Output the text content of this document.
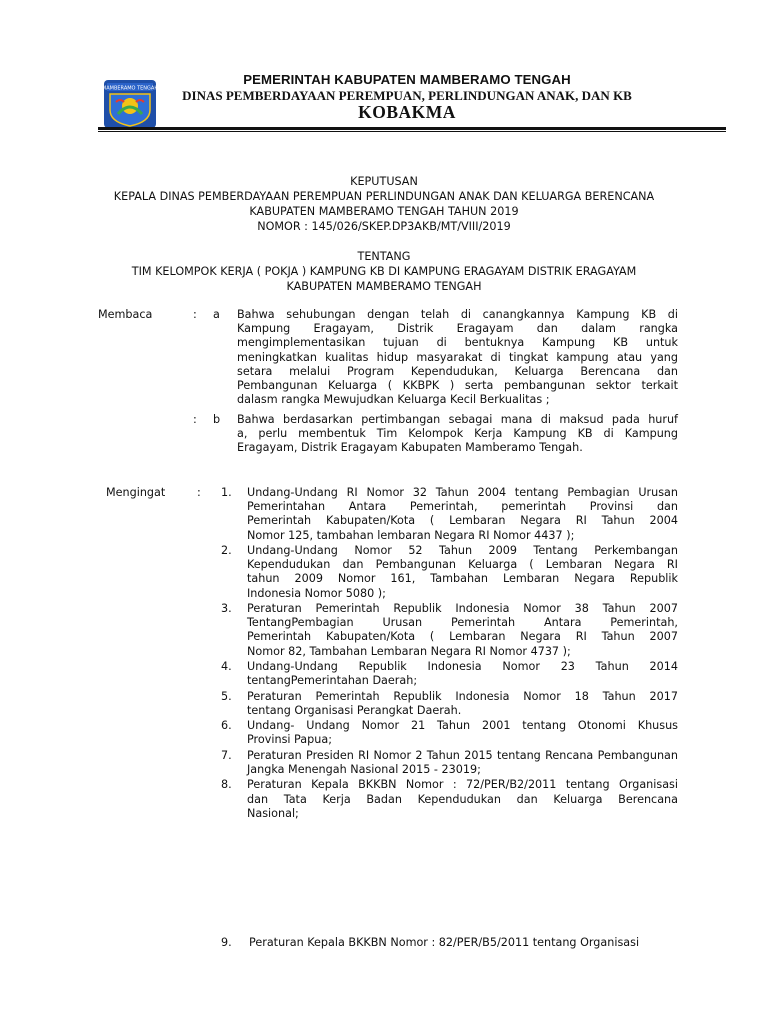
MAMBERAMO TENGAH
PEMERINTAH KABUPATEN MAMBERAMO TENGAH
DINAS PEMBERDAYAAN PEREMPUAN, PERLINDUNGAN ANAK, DAN KB
KOBAKMA
KEPUTUSAN
KEPALA DINAS PEMBERDAYAAN PEREMPUAN PERLINDUNGAN ANAK DAN KELUARGA BERENCANA
KABUPATEN MAMBERAMO TENGAH TAHUN 2019
NOMOR : 145/026/SKEP.DP3AKB/MT/VIII/2019
TENTANG
TIM KELOMPOK KERJA ( POKJA ) KAMPUNG KB DI KAMPUNG ERAGAYAM DISTRIK ERAGAYAM
KABUPATEN MAMBERAMO TENGAH
Membaca	: a Bahwa sehubungan dengan telah di canangkannya Kampung KB di
Kampung Eragayam, Distrik Eragayam dan dalam rangka
mengimplementasikan tujuan di bentuknya Kampung KB untuk
meningkatkan kualitas hidup masyarakat di tingkat kampung atau yang
setara melalui Program Kependudukan, Keluarga Berencana dan
Pembangunan Keluarga ( KKBPK ) serta pembangunan sektor terkait
dalasm rangka Mewujudkan Keluarga Kecil Berkualitas ;
: b Bahwa berdasarkan pertimbangan sebagai mana di maksud pada huruf
a, perlu membentuk Tim Kelompok Kerja Kampung KB di Kampung
Eragayam, Distrik Eragayam Kabupaten Mamberamo Tengah.
Mengingat	: 1. Undang-Undang RI Nomor 32 Tahun 2004 tentang Pembagian Urusan
Pemerintahan Antara Pemerintah, pemerintah Provinsi dan
Pemerintah Kabupaten/Kota ( Lembaran Negara RI Tahun 2004
Nomor 125, tambahan lembaran Negara RI Nomor 4437 );
2. Undang-Undang Nomor 52 Tahun 2009 Tentang Perkembangan
Kependudukan dan Pembangunan Keluarga ( Lembaran Negara RI
tahun 2009 Nomor 161, Tambahan Lembaran Negara Republik
Indonesia Nomor 5080 );
3. Peraturan Pemerintah Republik Indonesia Nomor 38 Tahun 2007
TentangPembagian Urusan Pemerintah Antara Pemerintah,
Pemerintah Kabupaten/Kota ( Lembaran Negara RI Tahun 2007
Nomor 82, Tambahan Lembaran Negara RI Nomor 4737 );
4. Undang-Undang Republik Indonesia Nomor 23 Tahun 2014
tentangPemerintahan Daerah;
5. Peraturan Pemerintah Republik Indonesia Nomor 18 Tahun 2017
tentang Organisasi Perangkat Daerah.
6. Undang- Undang Nomor 21 Tahun 2001 tentang Otonomi Khusus
Provinsi Papua;
7. Peraturan Presiden RI Nomor 2 Tahun 2015 tentang Rencana Pembangunan
Jangka Menengah Nasional 2015 - 23019;
8. Peraturan Kepala BKKBN Nomor : 72/PER/B2/2011 tentang Organisasi
dan Tata Kerja Badan Kependudukan dan Keluarga Berencana
Nasional;
9. Peraturan Kepala BKKBN Nomor : 82/PER/B5/2011 tentang Organisasi
